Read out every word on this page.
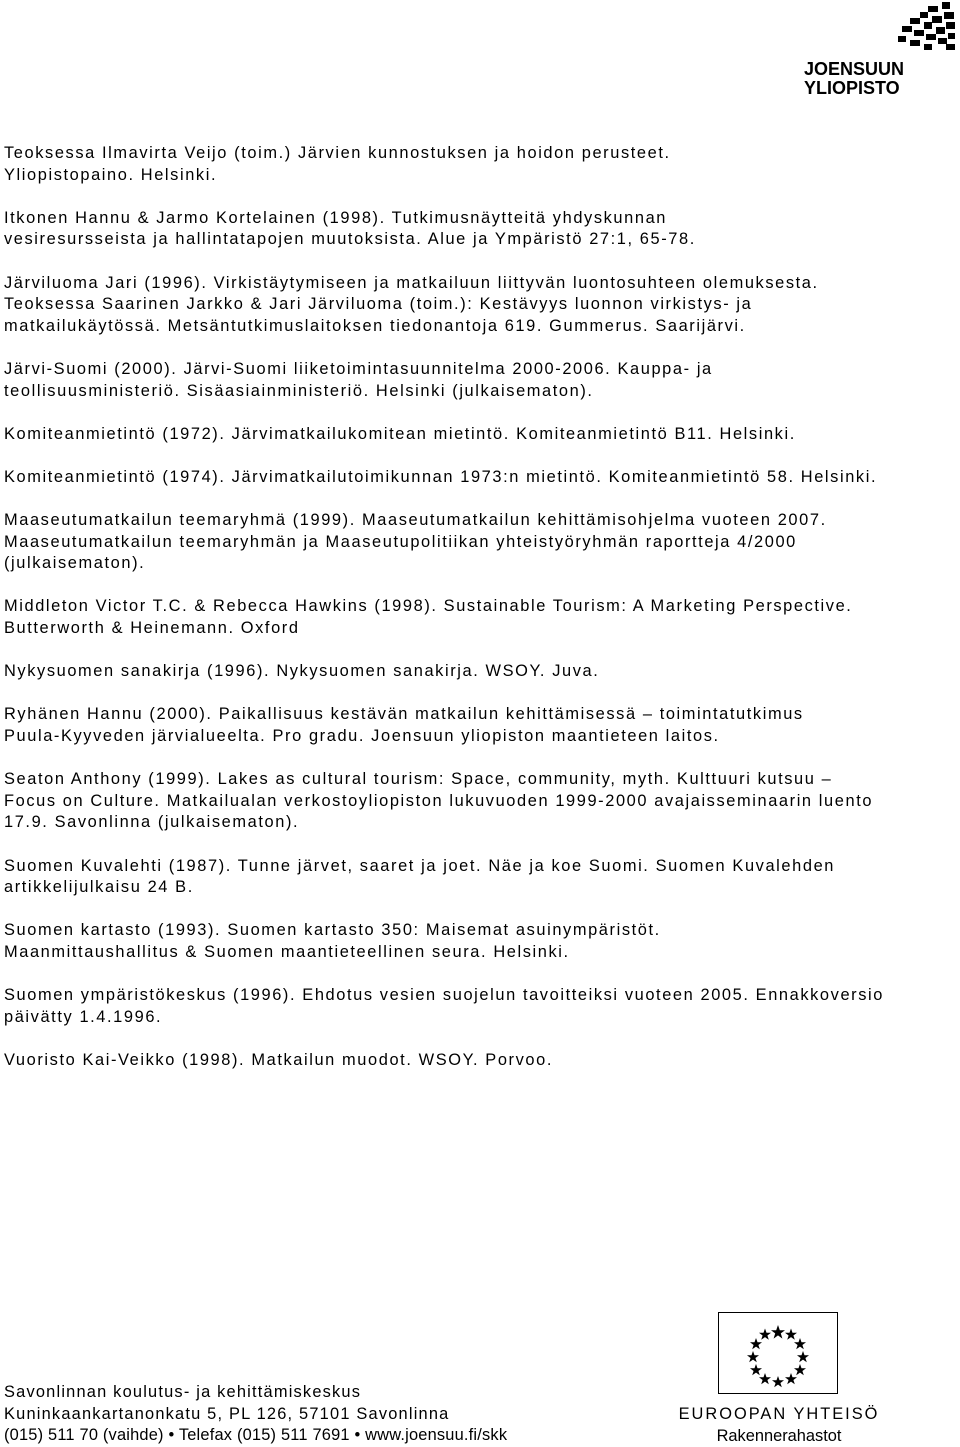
JOENSUUN
YLIOPISTO

Teoksessa Ilmavirta Veijo (toim.) Järvien kunnostuksen ja hoidon perusteet. Yliopistopaino. Helsinki.

Itkonen Hannu & Jarmo Kortelainen (1998). Tutkimusnäytteitä yhdyskunnan vesiresursseista ja hallintatapojen muutoksista. Alue ja Ympäristö 27:1, 65-78.

Järviluoma Jari (1996). Virkistäytymiseen ja matkailuun liittyvän luontosuhteen olemuksesta. Teoksessa Saarinen Jarkko & Jari Järviluoma (toim.): Kestävyys luonnon virkistys- ja matkailukäytössä. Metsäntutkimuslaitoksen tiedonantoja 619. Gummerus. Saarijärvi.

Järvi-Suomi (2000). Järvi-Suomi liiketoimintasuunnitelma 2000-2006. Kauppa- ja teollisuusministeriö. Sisäasiainministeriö. Helsinki (julkaisematon).

Komiteanmietintö (1972). Järvimatkailukomitean mietintö. Komiteanmietintö B11. Helsinki.

Komiteanmietintö (1974). Järvimatkailutoimikunnan 1973:n mietintö. Komiteanmietintö 58. Helsinki.

Maaseutumatkailun teemaryhmä (1999). Maaseutumatkailun kehittämisohjelma vuoteen 2007. Maaseutumatkailun teemaryhmän ja Maaseutupolitiikan yhteistyöryhmän raportteja 4/2000 (julkaisematon).

Middleton Victor T.C. & Rebecca Hawkins (1998). Sustainable Tourism: A Marketing Perspective. Butterworth & Heinemann. Oxford

Nykysuomen sanakirja (1996). Nykysuomen sanakirja. WSOY. Juva.

Ryhänen Hannu (2000). Paikallisuus kestävän matkailun kehittämisessä – toimintatutkimus Puula-Kyyveden järvialueelta. Pro gradu. Joensuun yliopiston maantieteen laitos.

Seaton Anthony (1999). Lakes as cultural tourism: Space, community, myth. Kulttuuri kutsuu – Focus on Culture. Matkailualan verkostoyliopiston lukuvuoden 1999-2000 avajaisseminaarin luento 17.9. Savonlinna (julkaisematon).

Suomen Kuvalehti (1987). Tunne järvet, saaret ja joet. Näe ja koe Suomi. Suomen Kuvalehden artikkelijulkaisu 24 B.

Suomen kartasto (1993). Suomen kartasto 350: Maisemat asuinympäristöt. Maanmittaushallitus & Suomen maantieteellinen seura. Helsinki.

Suomen ympäristökeskus (1996). Ehdotus vesien suojelun tavoitteiksi vuoteen 2005. Ennakkoversio päivätty 1.4.1996.

Vuoristo Kai-Veikko (1998). Matkailun muodot. WSOY. Porvoo.

Savonlinnan koulutus- ja kehittämiskeskus
Kuninkaankartanonkatu 5, PL 126, 57101 Savonlinna
(015) 511 70 (vaihde) • Telefax (015) 511 7691 • www.joensuu.fi/skk
EUROOPAN YHTEISÖ
Rakennerahastot
